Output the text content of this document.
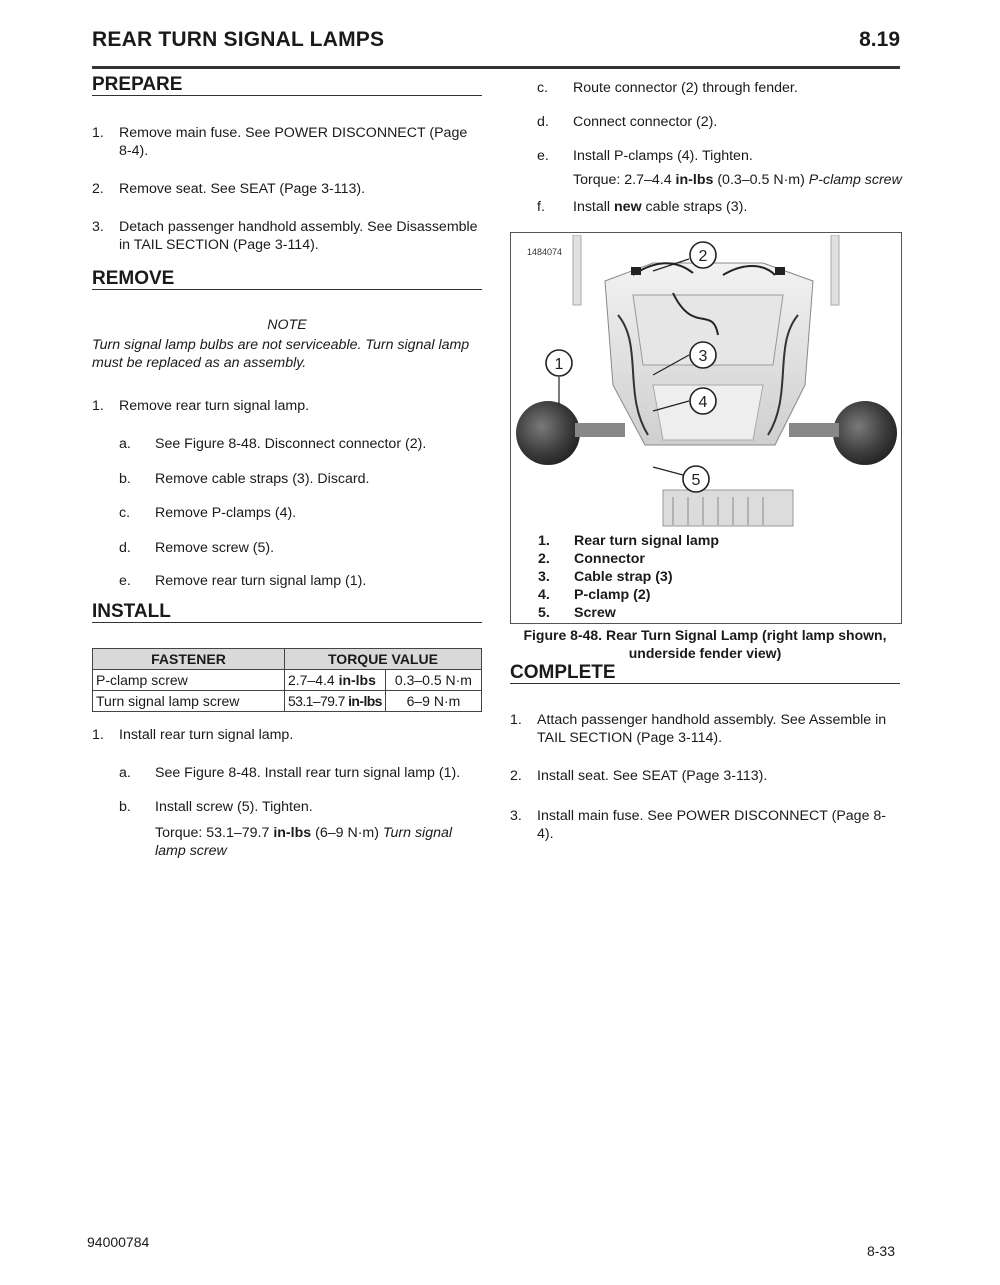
REAR TURN SIGNAL LAMPS	8.19
PREPARE
1. Remove main fuse. See POWER DISCONNECT (Page 8-4).
2. Remove seat. See SEAT (Page 3-113).
3. Detach passenger handhold assembly. See Disassemble in TAIL SECTION (Page 3-114).
REMOVE
NOTE
Turn signal lamp bulbs are not serviceable. Turn signal lamp must be replaced as an assembly.
1. Remove rear turn signal lamp.
a. See Figure 8-48. Disconnect connector (2).
b. Remove cable straps (3). Discard.
c. Remove P-clamps (4).
d. Remove screw (5).
e. Remove rear turn signal lamp (1).
INSTALL
FASTENER	TORQUE VALUE	
P-clamp screw	2.7–4.4 in-lbs	0.3–0.5 N·m
Turn signal lamp screw	53.1–79.7 in-lbs	6–9 N·m
1. Install rear turn signal lamp.
a. See Figure 8-48. Install rear turn signal lamp (1).
b. Install screw (5). Tighten.
Torque: 53.1–79.7 in-lbs (6–9 N·m) Turn signal lamp screw
c. Route connector (2) through fender.
d. Connect connector (2).
e. Install P-clamps (4). Tighten.
Torque: 2.7–4.4 in-lbs (0.3–0.5 N·m) P-clamp screw
f. Install new cable straps (3).
1
2
3
4
5
1484074
1. Rear turn signal lamp
2. Connector
3. Cable strap (3)
4. P-clamp (2)
5. Screw
Figure 8-48. Rear Turn Signal Lamp (right lamp shown,
underside fender view)
COMPLETE
1. Attach passenger handhold assembly. See Assemble in TAIL SECTION (Page 3-114).
2. Install seat. See SEAT (Page 3-113).
3. Install main fuse. See POWER DISCONNECT (Page 8-4).
94000784
8-33
